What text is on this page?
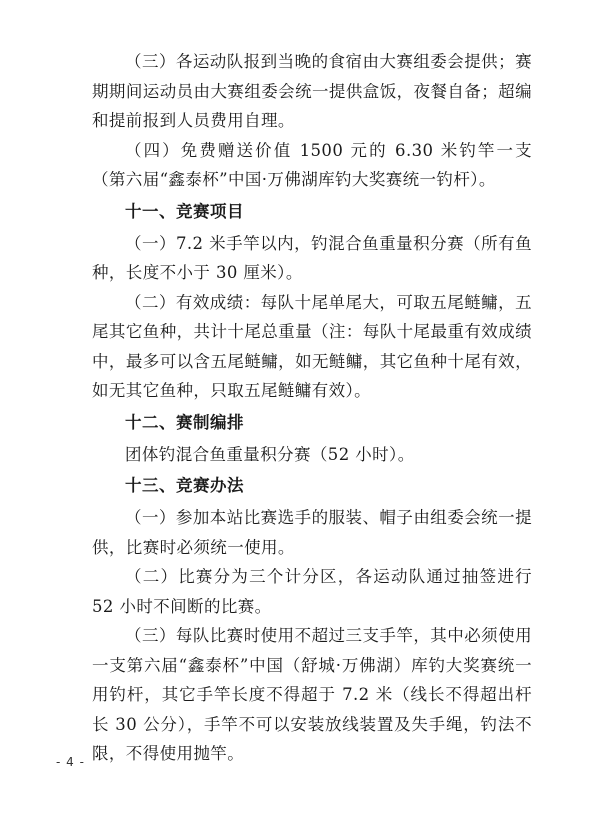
（三）各运动队报到当晚的食宿由大赛组委会提供；赛期期间运动员由大赛组委会统一提供盒饭，夜餐自备；超编和提前报到人员费用自理。

（四）免费赠送价值 1500 元的 6.30 米钓竿一支（第六届“鑫泰杯”中国·万佛湖库钓大奖赛统一钓杆）。

十一、竞赛项目

（一）7.2 米手竿以内，钓混合鱼重量积分赛（所有鱼种，长度不小于 30 厘米）。

（二）有效成绩：每队十尾单尾大，可取五尾鲢鳙，五尾其它鱼种，共计十尾总重量（注：每队十尾最重有效成绩中，最多可以含五尾鲢鳙，如无鲢鳙，其它鱼种十尾有效，如无其它鱼种，只取五尾鲢鳙有效）。

十二、赛制编排

团体钓混合鱼重量积分赛（52 小时）。

十三、竞赛办法

（一）参加本站比赛选手的服装、帽子由组委会统一提供，比赛时必须统一使用。

（二）比赛分为三个计分区，各运动队通过抽签进行 52 小时不间断的比赛。

（三）每队比赛时使用不超过三支手竿，其中必须使用一支第六届“鑫泰杯”中国（舒城·万佛湖）库钓大奖赛统一用钓杆，其它手竿长度不得超于 7.2 米（线长不得超出杆长 30 公分），手竿不可以安装放线装置及失手绳，钓法不限，不得使用抛竿。

- 4 -
